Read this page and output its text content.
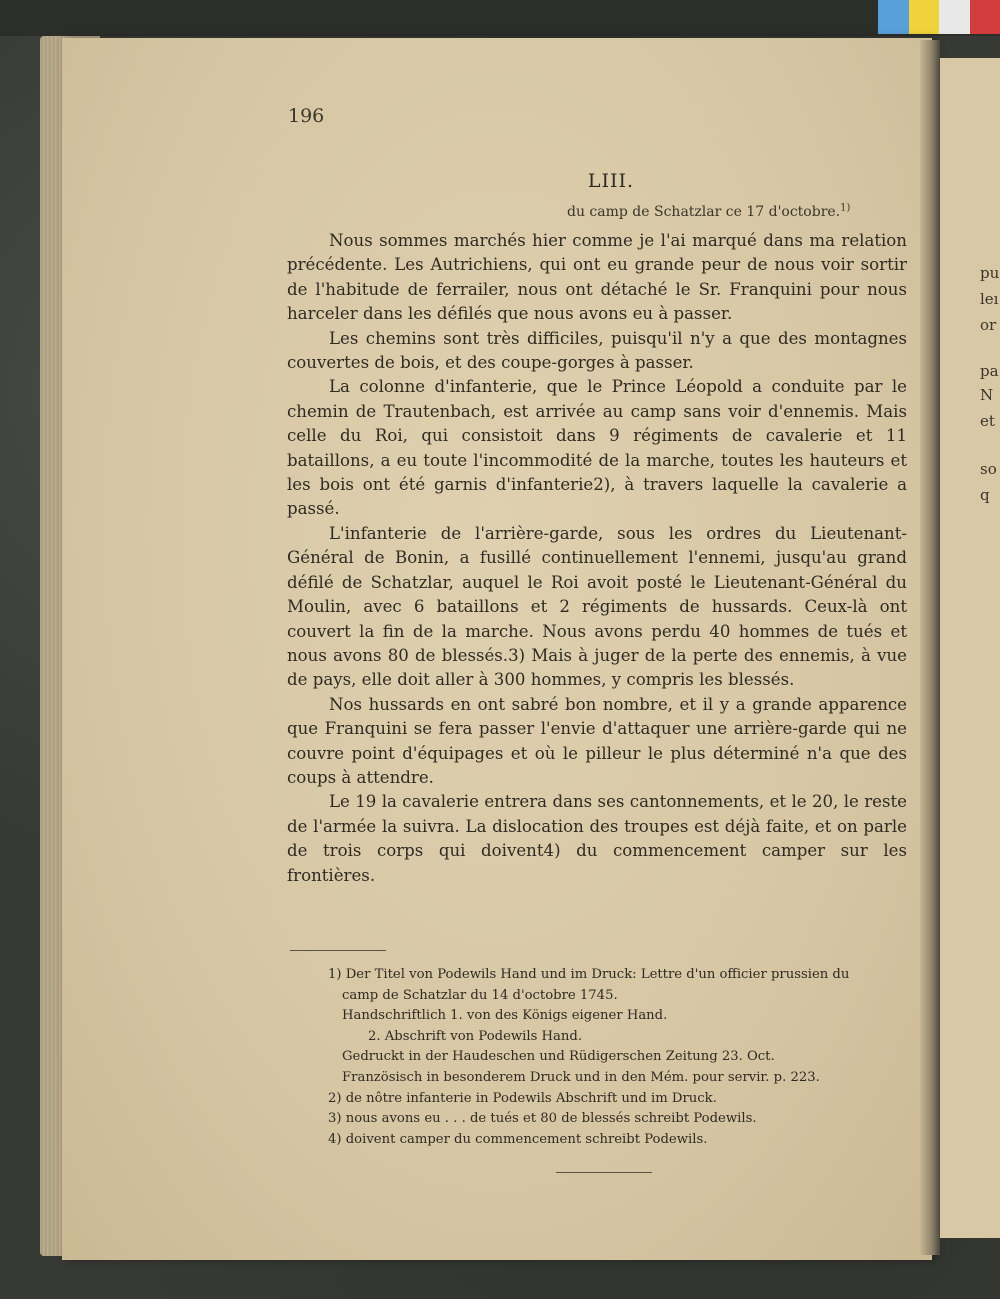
pu
leı
or
pa
N
et
so
q
196
LIII.
du camp de Schatzlar ce 17 d'octobre.$^{1)}$

Nous sommes marchés hier comme je l'ai marqué dans ma relation précédente. Les Autrichiens, qui ont eu grande peur de nous voir sortir de l'habitude de ferrailer, nous ont détaché le Sr. Franquini pour nous harceler dans les défilés que nous avons eu à passer.

Les chemins sont très difficiles, puisqu'il n'y a que des montagnes couvertes de bois, et des coupe-gorges à passer.

La colonne d'infanterie, que le Prince Léopold a conduite par le chemin de Trautenbach, est arrivée au camp sans voir d'ennemis. Mais celle du Roi, qui consistoit dans 9 régiments de cavalerie et 11 bataillons, a eu toute l'incommodité de la marche, toutes les hauteurs et les bois ont été garnis d'infanterie2), à travers laquelle la cavalerie a passé.

L'infanterie de l'arrière-garde, sous les ordres du Lieutenant-Général de Bonin, a fusillé continuellement l'ennemi, jusqu'au grand défilé de Schatzlar, auquel le Roi avoit posté le Lieutenant-Général du Moulin, avec 6 bataillons et 2 régiments de hussards. Ceux-là ont couvert la fin de la marche. Nous avons perdu 40 hommes de tués et nous avons 80 de blessés.3) Mais à juger de la perte des ennemis, à vue de pays, elle doit aller à 300 hommes, y compris les blessés.

Nos hussards en ont sabré bon nombre, et il y a grande apparence que Franquini se fera passer l'envie d'attaquer une arrière-garde qui ne couvre point d'équipages et où le pilleur le plus déterminé n'a que des coups à attendre.

Le 19 la cavalerie entrera dans ses cantonnements, et le 20, le reste de l'armée la suivra. La dislocation des troupes est déjà faite, et on parle de trois corps qui doivent4) du commencement camper sur les frontières.

1) Der Titel von Podewils Hand und im Druck: Lettre d'un officier prussien du
camp de Schatzlar du 14 d'octobre 1745.
Handschriftlich 1. von des Königs eigener Hand.
2. Abschrift von Podewils Hand.
Gedruckt in der Haudeschen und Rüdigerschen Zeitung 23. Oct.
Französisch in besonderem Druck und in den Mém. pour servir. p. 223.
2) de nôtre infanterie in Podewils Abschrift und im Druck.
3) nous avons eu . . . de tués et 80 de blessés schreibt Podewils.
4) doivent camper du commencement schreibt Podewils.
